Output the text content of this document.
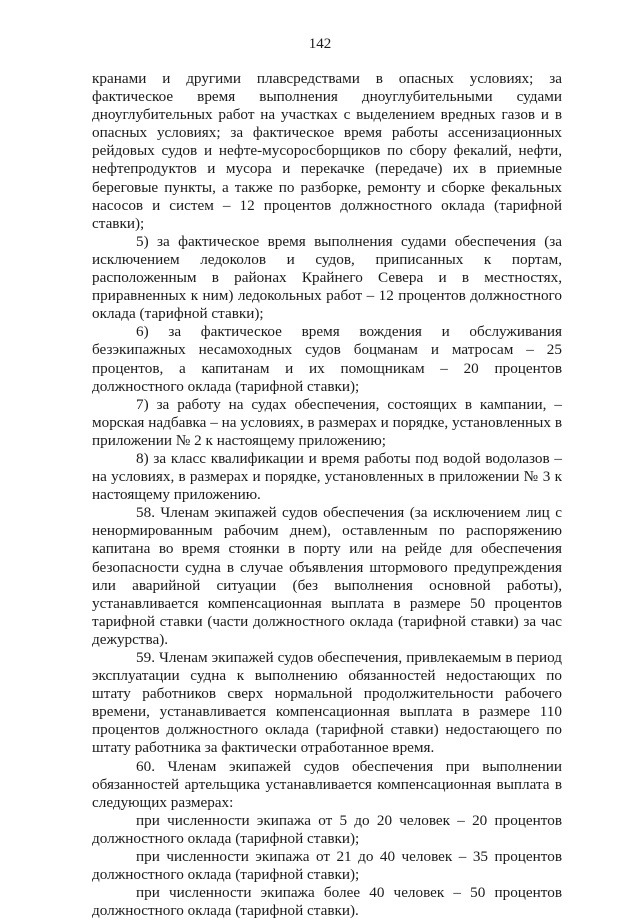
142

кранами и другими плавсредствами в опасных условиях; за фактическое время выполнения дноуглубительными судами дноуглубительных работ на участках с выделением вредных газов и в опасных условиях; за фактическое время работы ассенизационных рейдовых судов и нефте-мусоросборщиков по сбору фекалий, нефти, нефтепродуктов и мусора и перекачке (передаче) их в приемные береговые пункты, а также по разборке, ремонту и сборке фекальных насосов и систем – 12 процентов должностного оклада (тарифной ставки);

5) за фактическое время выполнения судами обеспечения (за исключением ледоколов и судов, приписанных к портам, расположенным в районах Крайнего Севера и в местностях, приравненных к ним) ледокольных работ – 12 процентов должностного оклада (тарифной ставки);

6) за фактическое время вождения и обслуживания безэкипажных несамоходных судов боцманам и матросам – 25 процентов, а капитанам и их помощникам – 20 процентов должностного оклада (тарифной ставки);

7) за работу на судах обеспечения, состоящих в кампании, – морская надбавка – на условиях, в размерах и порядке, установленных в приложении № 2 к настоящему приложению;

8) за класс квалификации и время работы под водой водолазов – на условиях, в размерах и порядке, установленных в приложении № 3 к настоящему приложению.

58. Членам экипажей судов обеспечения (за исключением лиц с ненормированным рабочим днем), оставленным по распоряжению капитана во время стоянки в порту или на рейде для обеспечения безопасности судна в случае объявления штормового предупреждения или аварийной ситуации (без выполнения основной работы), устанавливается компенсационная выплата в размере 50 процентов тарифной ставки (части должностного оклада (тарифной ставки) за час дежурства).

59. Членам экипажей судов обеспечения, привлекаемым в период эксплуатации судна к выполнению обязанностей недостающих по штату работников сверх нормальной продолжительности рабочего времени, устанавливается компенсационная выплата в размере 110 процентов должностного оклада (тарифной ставки) недостающего по штату работника за фактически отработанное время.

60. Членам экипажей судов обеспечения при выполнении обязанностей артельщика устанавливается компенсационная выплата в следующих размерах:

при численности экипажа от 5 до 20 человек – 20 процентов должностного оклада (тарифной ставки);

при численности экипажа от 21 до 40 человек – 35 процентов должностного оклада (тарифной ставки);

при численности экипажа более 40 человек – 50 процентов должностного оклада (тарифной ставки).
